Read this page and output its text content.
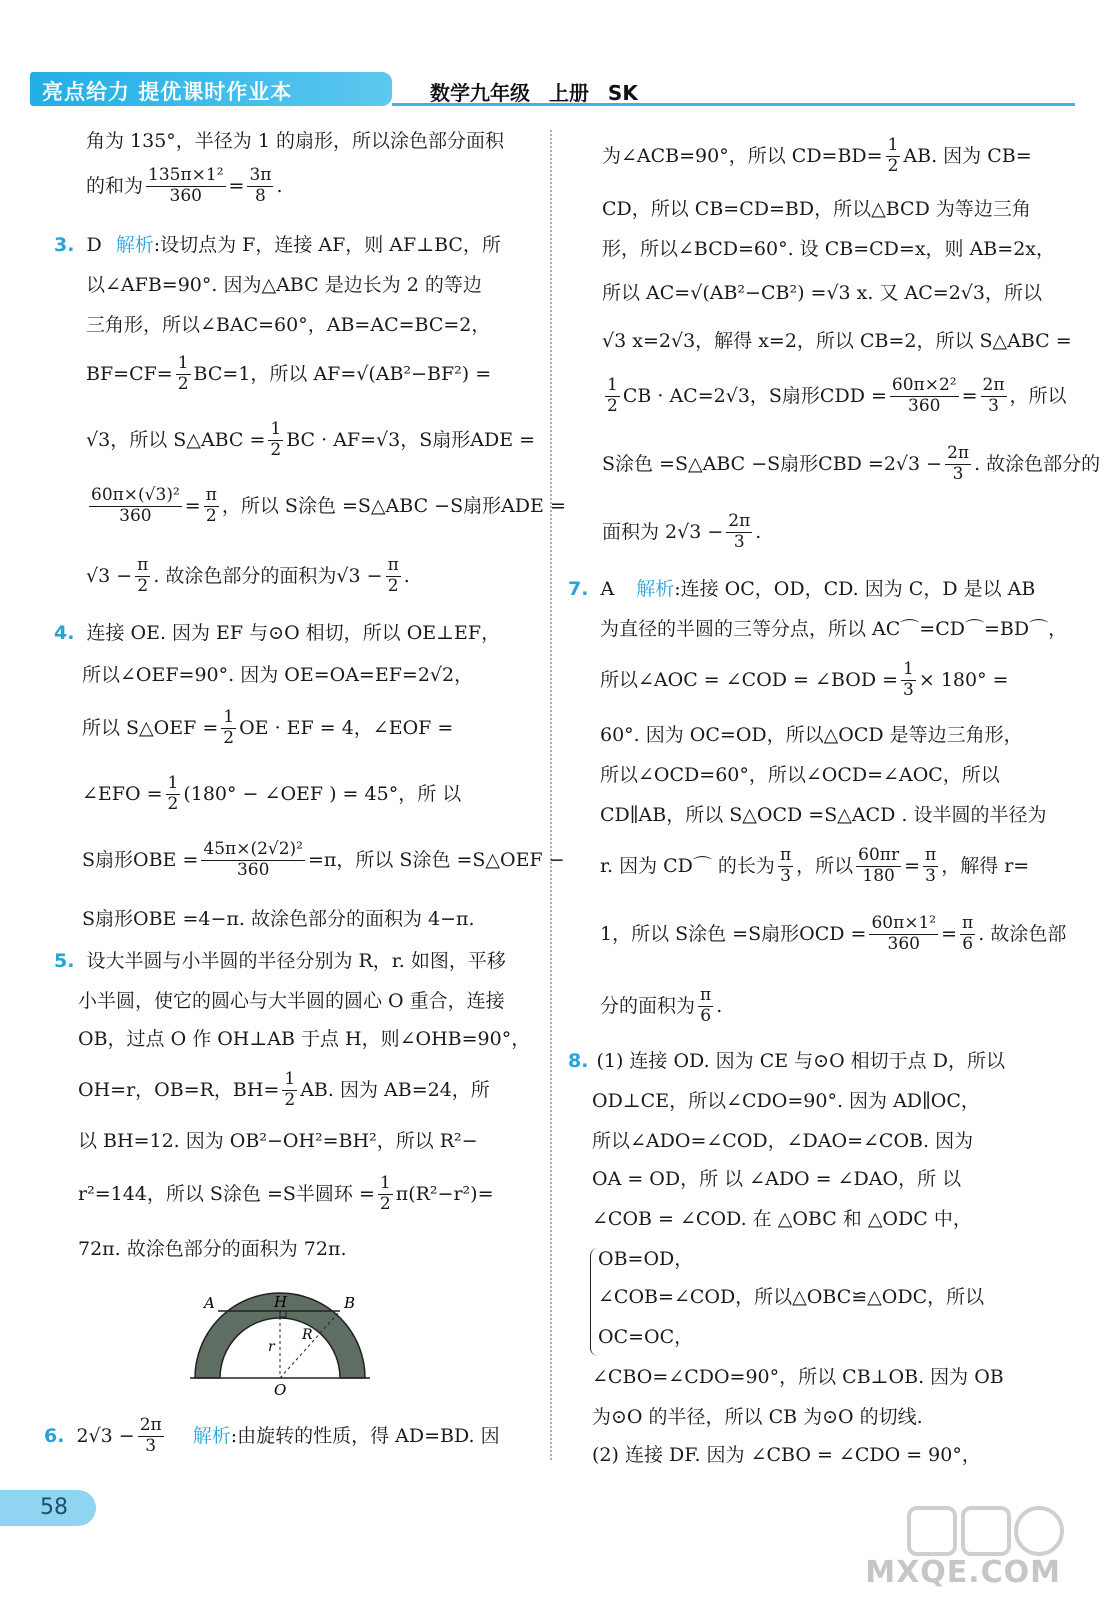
亮点给力 提优课时作业本	数学九年级 上册 SK
角为 135°，半径为 1 的扇形，所以涂色部分面积
的和为 $\frac{\text{135π×1²}}{360} = \frac{3\pi}{8}$ .
3. D 解析 :设切点为 F，连接 AF，则 AF⊥BC，所
以∠AFB=90°. 因为△ABC 是边长为 2 的等边
三角形，所以∠BAC=60°，AB=AC=BC=2，
$BF=CF= \frac{1}{2} BC=1$，所以 AF=√(AB²−BF²) =
√3，所以 S△ABC = $\frac{1}{2}$ BC · AF=√3，S扇形ADE =
$\frac{\text{60π×(√3)²}}{360} = \frac{\pi}{2}$ ，所以 S涂色 =S△ABC −S扇形ADE =
$√3 - \frac{\pi}{2}$ . 故涂色部分的面积为$√3 - \frac{\pi}{2}$ .
4. 连接 OE. 因为 EF 与⊙O 相切，所以 OE⊥EF，
所以∠OEF=90°. 因为 OE=OA=EF=2√2，
所以 S△OEF = $\frac{1}{2}$ OE · EF = 4，∠EOF =
∠EFO = $\frac{1}{2} (180^\circ$ − ∠OEF ) = 45°，所 以
S扇形OBE = $\frac{\text{45π×(2√2)²}}{360} =\pi$，所以 S涂色 =S△OEF −
S扇形OBE =4−π. 故涂色部分的面积为 4−π.
5. 设大半圆与小半圆的半径分别为 R，r. 如图，平移
小半圆，使它的圆心与大半圆的圆心 O 重合，连接
OB，过点 O 作 OH⊥AB 于点 H，则∠OHB=90°，
OH=r，OB=R，$BH= \frac{1}{2}$ AB. 因为 AB=24，所
以 BH=12. 因为 OB²−OH²=BH²，所以 R²−
r²=144，所以 S涂色 =S半圆环 = $\frac{1}{2} \pi(R^2-r^2)=$
72π. 故涂色部分的面积为 72π.
6. $2√3 - \frac{2\pi}{3}$ 解析 :由旋转的性质，得 AD=BD. 因
A	H	B
r
R
O
为∠ACB=90°，所以 $CD=BD= \frac{1}{2}$ AB. 因为 CB=
CD，所以 CB=CD=BD，所以△BCD 为等边三角
形，所以∠BCD=60°. 设 CB=CD=x，则 AB=2x，
所以 AC=√(AB²−CB²) =√3 x. 又 AC=2√3，所以
√3 x=2√3，解得 x=2，所以 CB=2，所以 S△ABC =
$\frac{1}{2}$ CB · AC=2√3，S扇形CDD = $\frac{\text{60π×2²}}{360} = \frac{2\pi}{3}$ ，所以
S涂色 =S△ABC −S扇形CBD $=2√3 - \frac{2\pi}{3}$ . 故涂色部分的
面积为 $2√3 - \frac{2\pi}{3}$ .
7. A 解析 :连接 OC，OD，CD. 因为 C，D 是以 AB
为直径的半圆的三等分点，所以 AC⌒=CD⌒=BD⌒，
所以∠AOC = ∠COD = ∠BOD = $\frac{1}{3} \times 180^\circ$ =
60°. 因为 OC=OD，所以△OCD 是等边三角形，
所以∠OCD=60°，所以∠OCD=∠AOC，所以
CD∥AB，所以 S△OCD =S△ACD . 设半圆的半径为
r. 因为 CD⌒ 的长为 $\frac{\pi}{3}$ ，所以 $\frac{60\pi r}{180} = \frac{\pi}{3}$ ，解得 r=
1，所以 S涂色 =S扇形OCD = $\frac{\text{60π×1²}}{360} = \frac{\pi}{6}$ . 故涂色部
分的面积为 $\frac{\pi}{6}$ .
8. (1) 连接 OD. 因为 CE 与⊙O 相切于点 D，所以
OD⊥CE，所以∠CDO=90°. 因为 AD∥OC，
所以∠ADO=∠COD，∠DAO=∠COB. 因为
OA = OD，所 以 ∠ADO = ∠DAO，所 以
∠COB = ∠COD. 在 △OBC 和 △ODC 中，
OB=OD，
∠COB=∠COD，所以△OBC≌△ODC，所以
OC=OC，
∠CBO=∠CDO=90°，所以 CB⊥OB. 因为 OB
为⊙O 的半径，所以 CB 为⊙O 的切线.
(2) 连接 DF. 因为 ∠CBO = ∠CDO = 90°，
58
MXQE.COM
